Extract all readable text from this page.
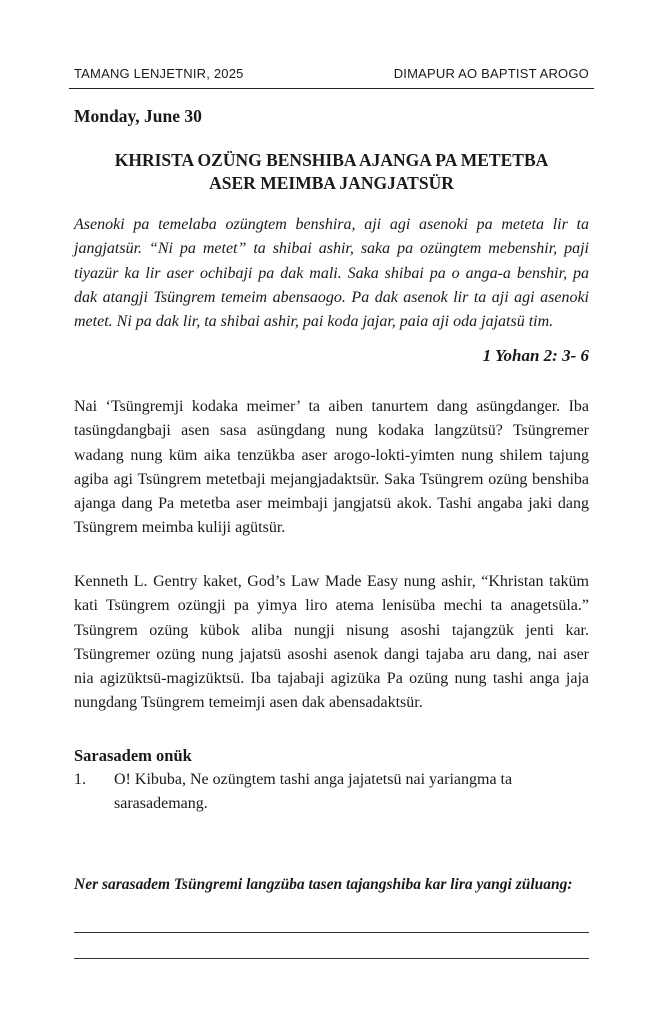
TAMANG LENJETNIR, 2025	DIMAPUR AO BAPTIST AROGO
Monday, June 30
KHRISTA OZÜNG BENSHIBA AJANGA PA METETBA
ASER MEIMBA JANGJATSÜR
Asenoki pa temelaba ozüngtem benshira, ɑji agi asenoki pa meteta lir ta jangjatsür. “Ni pa metet” ta shibai ashir, saka pa ozüngtem mebenshir, pɑji tiyazür ka lir aser ochibɑji pa dak mali. Saka shibai pa o anga-a benshir, pa dak atangji Tsüngrem temeim abensaogo. Pa dak asenok lir ta ɑji agi asenoki metet. Ni pa dak lir, ta shibai ashir, pai koda jɑjar, paia ɑji oda jɑjatsü tim.
1 Yohan 2: 3- 6
Nai ‘Tsüngremji kodaka meimer’ ta aiben tanurtem dang asüngdanger. Iba tasüngdangbaji asen sasa asüngdang nung kodaka langzütsü? Tsüngremer wadang nung küm aika tenzükba aser arogo-lokti-yimten nung shilem tajung agiba agi Tsüngrem metetbaji mejangjadaktsür. Saka Tsüngrem ozüng benshiba ajanga dang Pa metetba aser meimbaji jangjatsü akok. Tashi angaba jaki dang Tsüngrem meimba kuliji agütsür.
Kenneth L. Gentry kaket, God’s Law Made Easy nung ashir, “Khristan taküm kati Tsüngrem ozüngji pa yimya liro atema lenisüba mechi ta anagetsüla.” Tsüngrem ozüng kübok aliba nungji nisung asoshi tajangzük jenti kar. Tsüngremer ozüng nung jajatsü asoshi asenok dangi tajaba aru dang, nai aser nia agizüktsü-magizüktsü. Iba tajabaji agizüka Pa ozüng nung tashi anga jaja nungdang Tsüngrem temeimji asen dak abensadaktsür.
Sarasadem onük
1.	O! Kibuba, Ne ozüngtem tashi anga jajatetsü nai yariangma ta sarasademang.
Ner sarasadem Tsüngremi langzüba tasen tɑjangshiba kar lira yangi züluang:
